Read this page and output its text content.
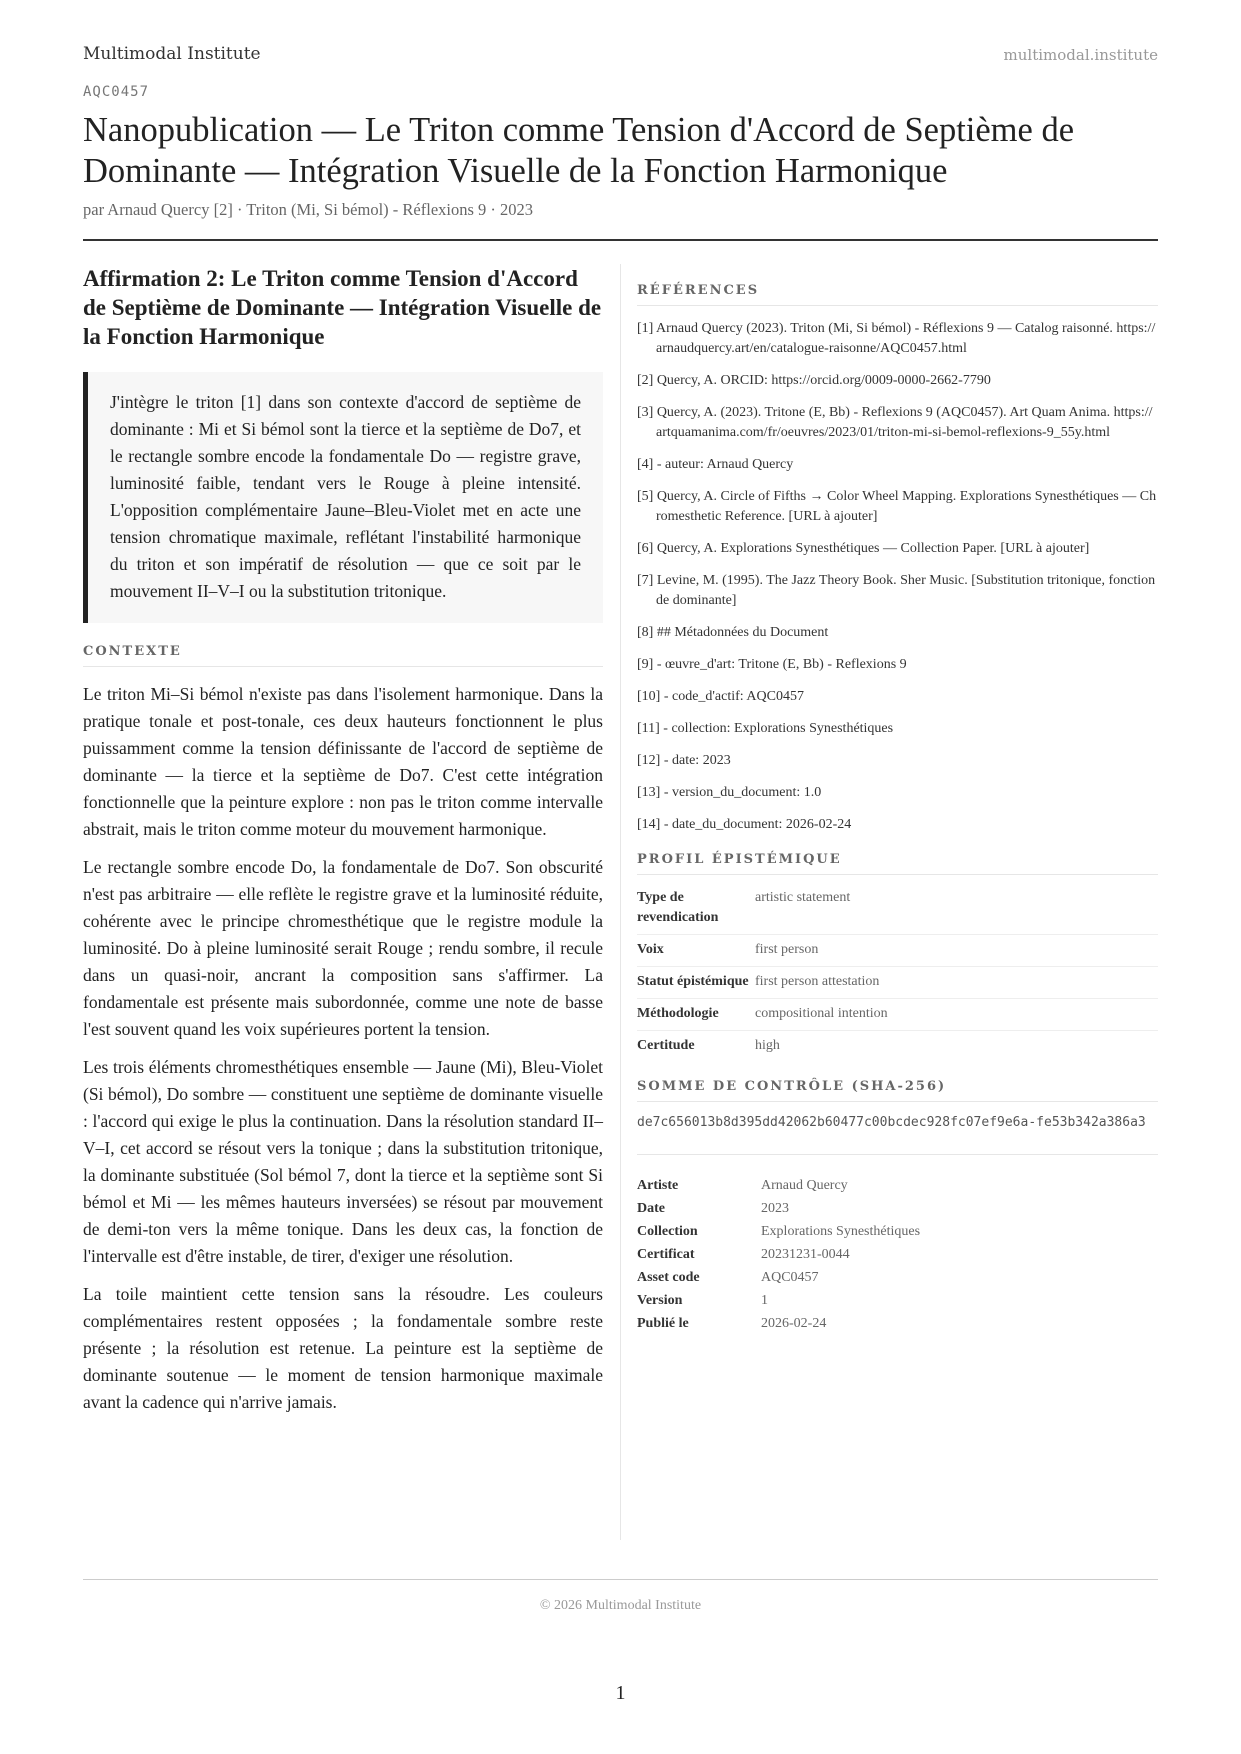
Multimodal Institute	multimodal.institute
AQC0457
Nanopublication — Le Triton comme Tension d'Accord de Septième de Dominante — Intégration Visuelle de la Fonction Harmonique
par Arnaud Quercy [2] · Triton (Mi, Si bémol) - Réflexions 9 · 2023
Affirmation 2: Le Triton comme Tension d'Accord de Septième de Dominante — Intégration Visuelle de la Fonction Harmonique
J'intègre le triton [1] dans son contexte d'accord de septième de dominante : Mi et Si bémol sont la tierce et la septième de Do7, et le rectangle sombre encode la fondamentale Do — registre grave, luminosité faible, tendant vers le Rouge à pleine intensité. L'opposition complémentaire Jaune–Bleu-Violet met en acte une tension chromatique maximale, reflétant l'instabilité harmonique du triton et son impératif de résolution — que ce soit par le mouvement II–V–I ou la substitution tritonique.
CONTEXTE

Le triton Mi–Si bémol n'existe pas dans l'isolement harmonique. Dans la pratique tonale et post-tonale, ces deux hauteurs fonctionnent le plus puissamment comme la tension définissante de l'accord de septième de dominante — la tierce et la septième de Do7. C'est cette intégration fonctionnelle que la peinture explore : non pas le triton comme intervalle abstrait, mais le triton comme moteur du mouvement harmonique.

Le rectangle sombre encode Do, la fondamentale de Do7. Son obscurité n'est pas arbitraire — elle reflète le registre grave et la luminosité réduite, cohérente avec le principe chromesthétique que le registre module la luminosité. Do à pleine luminosité serait Rouge ; rendu sombre, il recule dans un quasi-noir, ancrant la composition sans s'affirmer. La fondamentale est présente mais subordonnée, comme une note de basse l'est souvent quand les voix supérieures portent la tension.

Les trois éléments chromesthétiques ensemble — Jaune (Mi), Bleu-Violet (Si bémol), Do sombre — constituent une septième de dominante visuelle : l'accord qui exige le plus la continuation. Dans la résolution standard II–V–I, cet accord se résout vers la tonique ; dans la substitution tritonique, la dominante substituée (Sol bémol 7, dont la tierce et la septième sont Si bémol et Mi — les mêmes hauteurs inversées) se résout par mouvement de demi-ton vers la même tonique. Dans les deux cas, la fonction de l'intervalle est d'être instable, de tirer, d'exiger une résolution.

La toile maintient cette tension sans la résoudre. Les couleurs complémentaires restent opposées ; la fondamentale sombre reste présente ; la résolution est retenue. La peinture est la septième de dominante soutenue — le moment de tension harmonique maximale avant la cadence qui n'arrive jamais.

RÉFÉRENCES
[1] Arnaud Quercy (2023). Triton (Mi, Si bémol) - Réflexions 9 — Catalog raisonné. https://arnaudquercy.art/en/catalogue-raisonne/AQC0457.html
[2] Quercy, A. ORCID: https://orcid.org/0009-0000-2662-7790
[3] Quercy, A. (2023). Tritone (E, Bb) - Reflexions 9 (AQC0457). Art Quam Anima. https://artquamanima.com/fr/oeuvres/2023/01/triton-mi-si-bemol-reflexions-9_55y.html
[4] - auteur: Arnaud Quercy
[5] Quercy, A. Circle of Fifths → Color Wheel Mapping. Explorations Synesthétiques — Chromesthetic Reference. [URL à ajouter]
[6] Quercy, A. Explorations Synesthétiques — Collection Paper. [URL à ajouter]
[7] Levine, M. (1995). The Jazz Theory Book. Sher Music. [Substitution tritonique, fonction de dominante]
[8] ## Métadonnées du Document
[9] - œuvre_d'art: Tritone (E, Bb) - Reflexions 9
[10] - code_d'actif: AQC0457
[11] - collection: Explorations Synesthétiques
[12] - date: 2023
[13] - version_du_document: 1.0
[14] - date_du_document: 2026-02-24
PROFIL ÉPISTÉMIQUE
Type de revendication	artistic statement
Voix	first person
Statut épistémique	first person attestation
Méthodologie	compositional intention
Certitude	high
SOMME DE CONTRÔLE (SHA-256)
de7c656013b8d395dd42062b60477c00bcdec928fc07ef9e6a-fe53b342a386a3
Artiste	Arnaud Quercy
Date	2023
Collection	Explorations Synesthétiques
Certificat	20231231-0044
Asset code	AQC0457
Version	1
Publié le	2026-02-24
© 2026 Multimodal Institute
1
